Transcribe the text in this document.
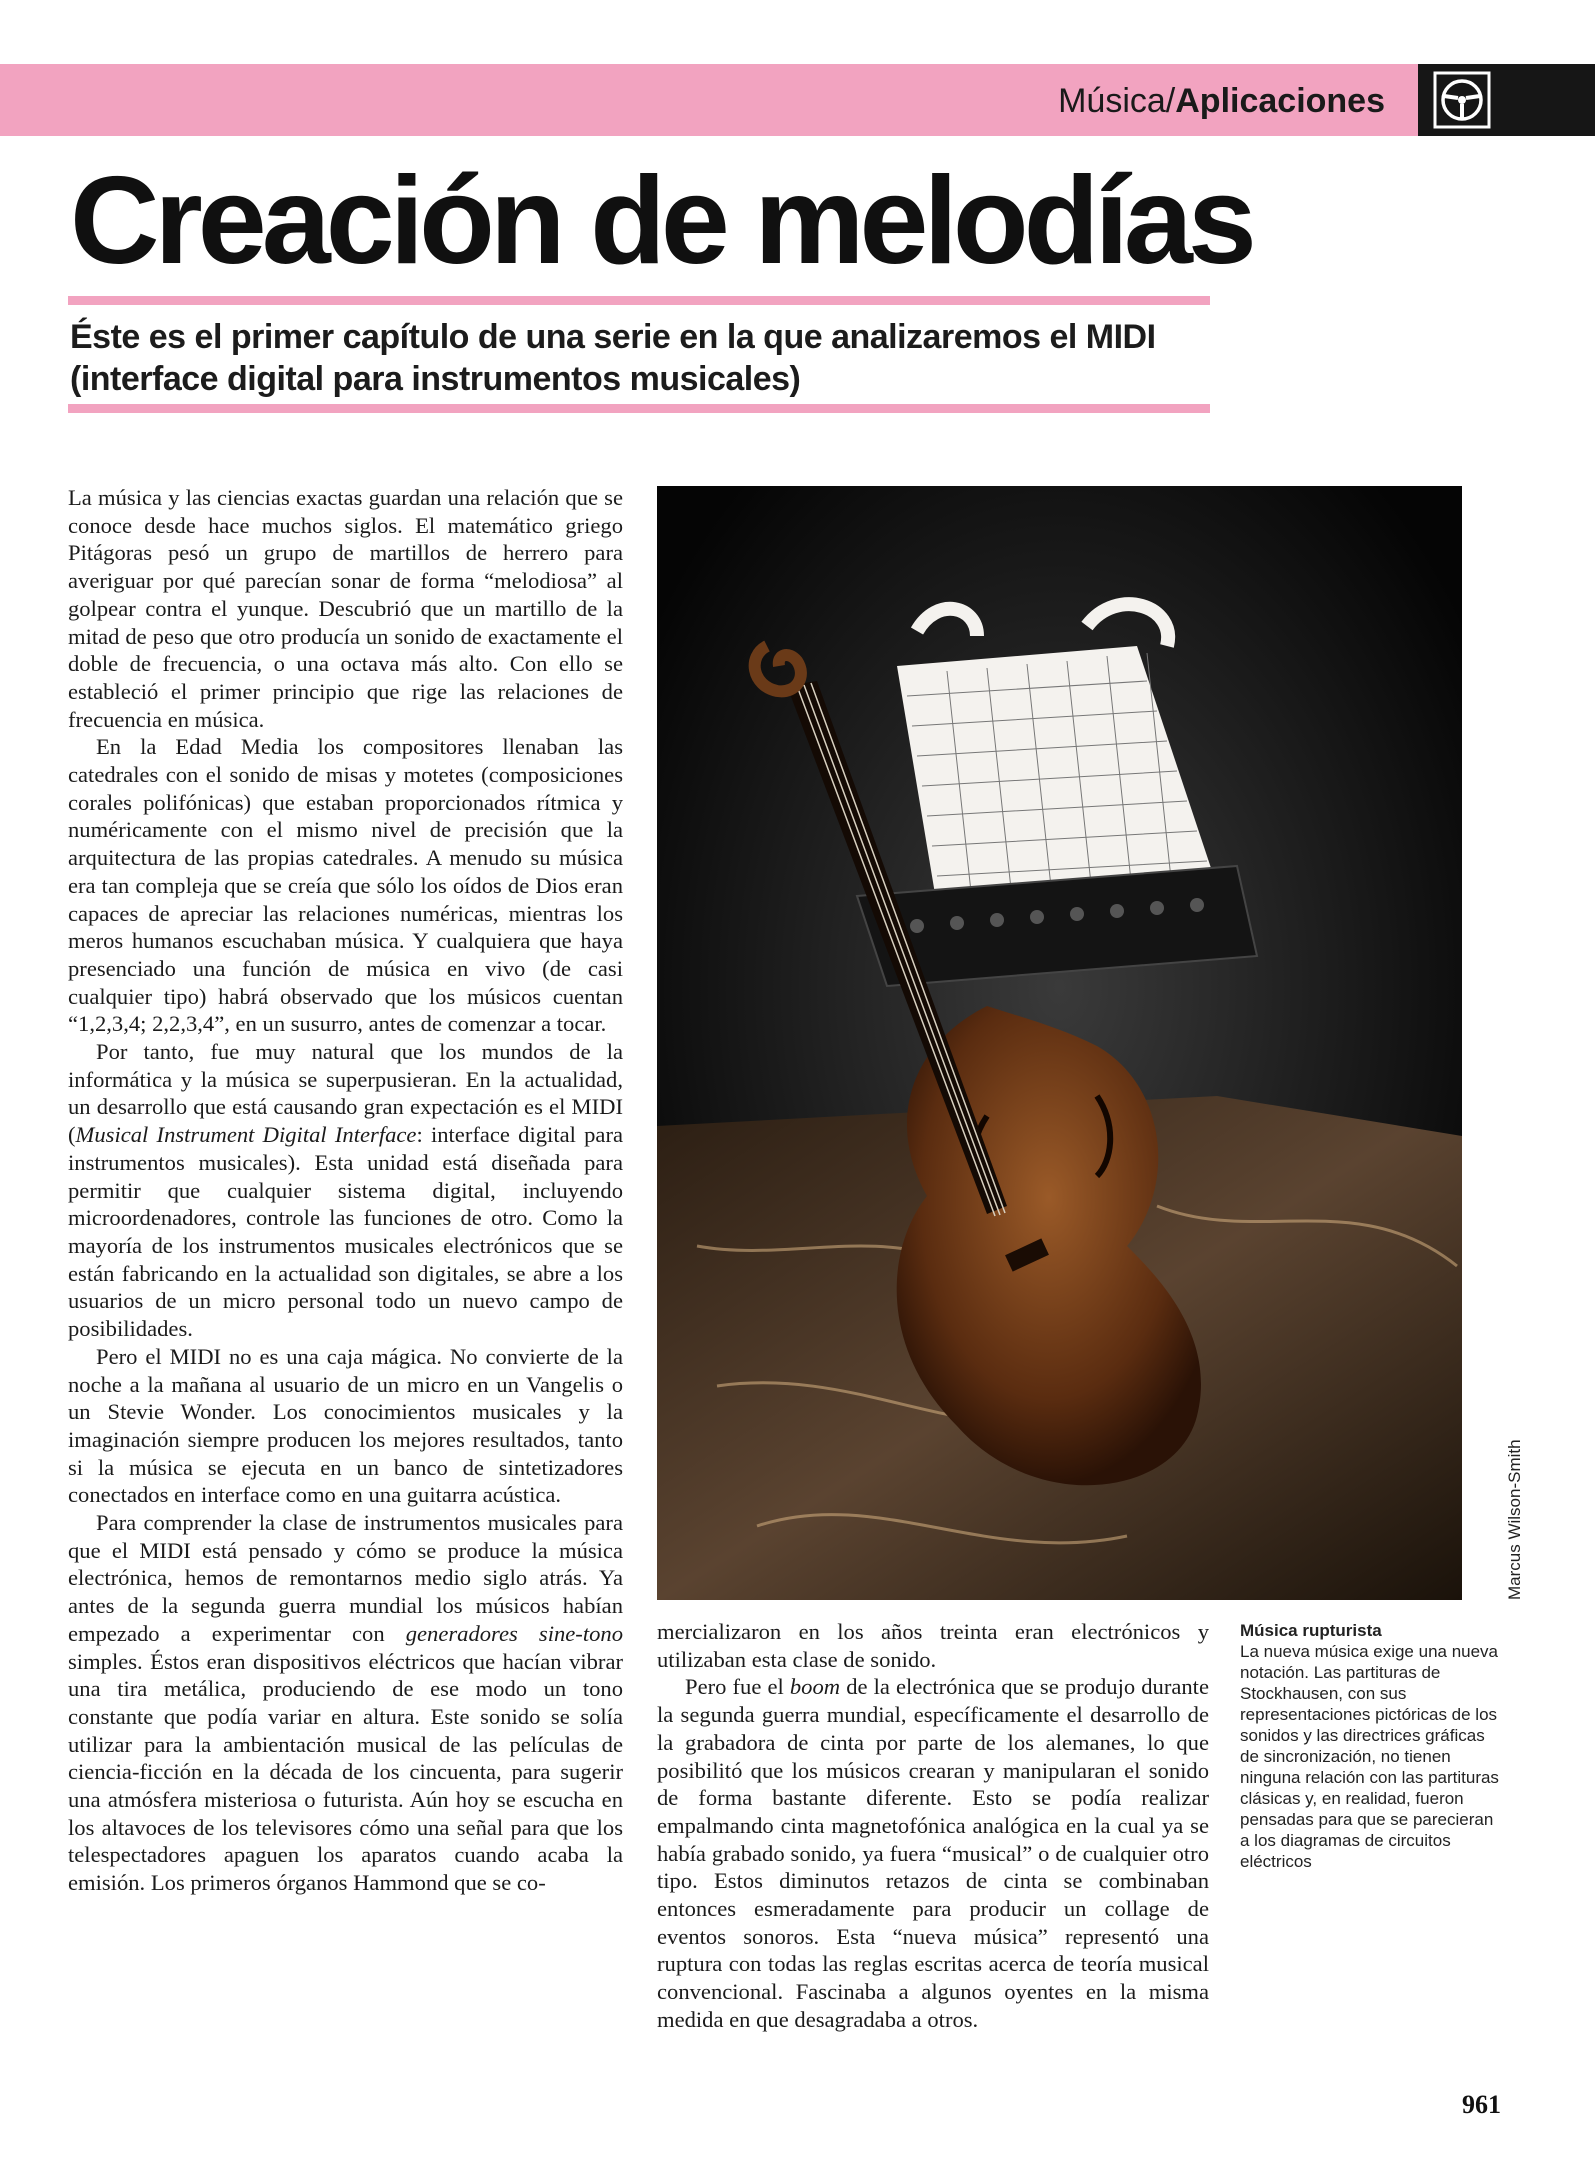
Música/Aplicaciones
Creación de melodías
Éste es el primer capítulo de una serie en la que analizaremos el MIDI (interface digital para instrumentos musicales)

La música y las ciencias exactas guardan una relación que se conoce desde hace muchos siglos. El matemático griego Pitágoras pesó un grupo de martillos de herrero para averiguar por qué parecían sonar de forma “melodiosa” al golpear contra el yunque. Descubrió que un martillo de la mitad de peso que otro producía un sonido de exactamente el doble de frecuencia, o una octava más alto. Con ello se estableció el primer principio que rige las relaciones de frecuencia en música.

En la Edad Media los compositores llenaban las catedrales con el sonido de misas y motetes (composiciones corales polifónicas) que estaban proporcionados rítmica y numéricamente con el mismo nivel de precisión que la arquitectura de las propias catedrales. A menudo su música era tan compleja que se creía que sólo los oídos de Dios eran capaces de apreciar las relaciones numéricas, mientras los meros humanos escuchaban música. Y cualquiera que haya presenciado una función de música en vivo (de casi cualquier tipo) habrá observado que los músicos cuentan “1,2,3,4; 2,2,3,4”, en un susurro, antes de comenzar a tocar.

Por tanto, fue muy natural que los mundos de la informática y la música se superpusieran. En la actualidad, un desarrollo que está causando gran expectación es el MIDI (Musical Instrument Digital Interface: interface digital para instrumentos musicales). Esta unidad está diseñada para permitir que cualquier sistema digital, incluyendo microordenadores, controle las funciones de otro. Como la mayoría de los instrumentos musicales electrónicos que se están fabricando en la actualidad son digitales, se abre a los usuarios de un micro personal todo un nuevo campo de posibilidades.

Pero el MIDI no es una caja mágica. No convierte de la noche a la mañana al usuario de un micro en un Vangelis o un Stevie Wonder. Los conocimientos musicales y la imaginación siempre producen los mejores resultados, tanto si la música se ejecuta en un banco de sintetizadores conectados en interface como en una guitarra acústica.

Para comprender la clase de instrumentos musicales para que el MIDI está pensado y cómo se produce la música electrónica, hemos de remontarnos medio siglo atrás. Ya antes de la segunda guerra mundial los músicos habían empezado a experimentar con generadores sine-tono simples. Éstos eran dispositivos eléctricos que hacían vibrar una tira metálica, produciendo de ese modo un tono constante que podía variar en altura. Este sonido se solía utilizar para la ambientación musical de las películas de ciencia-ficción en la década de los cincuenta, para sugerir una atmósfera misteriosa o futurista. Aún hoy se escucha en los altavoces de los televisores cómo una señal para que los telespectadores apaguen los aparatos cuando acaba la emisión. Los primeros órganos Hammond que se co-

Marcus Wilson-Smith

mercializaron en los años treinta eran electrónicos y utilizaban esta clase de sonido.

Pero fue el boom de la electrónica que se produjo durante la segunda guerra mundial, específicamente el desarrollo de la grabadora de cinta por parte de los alemanes, lo que posibilitó que los músicos crearan y manipularan el sonido de forma bastante diferente. Esto se podía realizar empalmando cinta magnetofónica analógica en la cual ya se había grabado sonido, ya fuera “musical” o de cualquier otro tipo. Estos diminutos retazos de cinta se combinaban entonces esmeradamente para producir un collage de eventos sonoros. Esta “nueva música” representó una ruptura con todas las reglas escritas acerca de teoría musical convencional. Fascinaba a algunos oyentes en la misma medida en que desagradaba a otros.

Música rupturista
La nueva música exige una nueva notación. Las partituras de Stockhausen, con sus representaciones pictóricas de los sonidos y las directrices gráficas de sincronización, no tienen ninguna relación con las partituras clásicas y, en realidad, fueron pensadas para que se parecieran a los diagramas de circuitos eléctricos
961
